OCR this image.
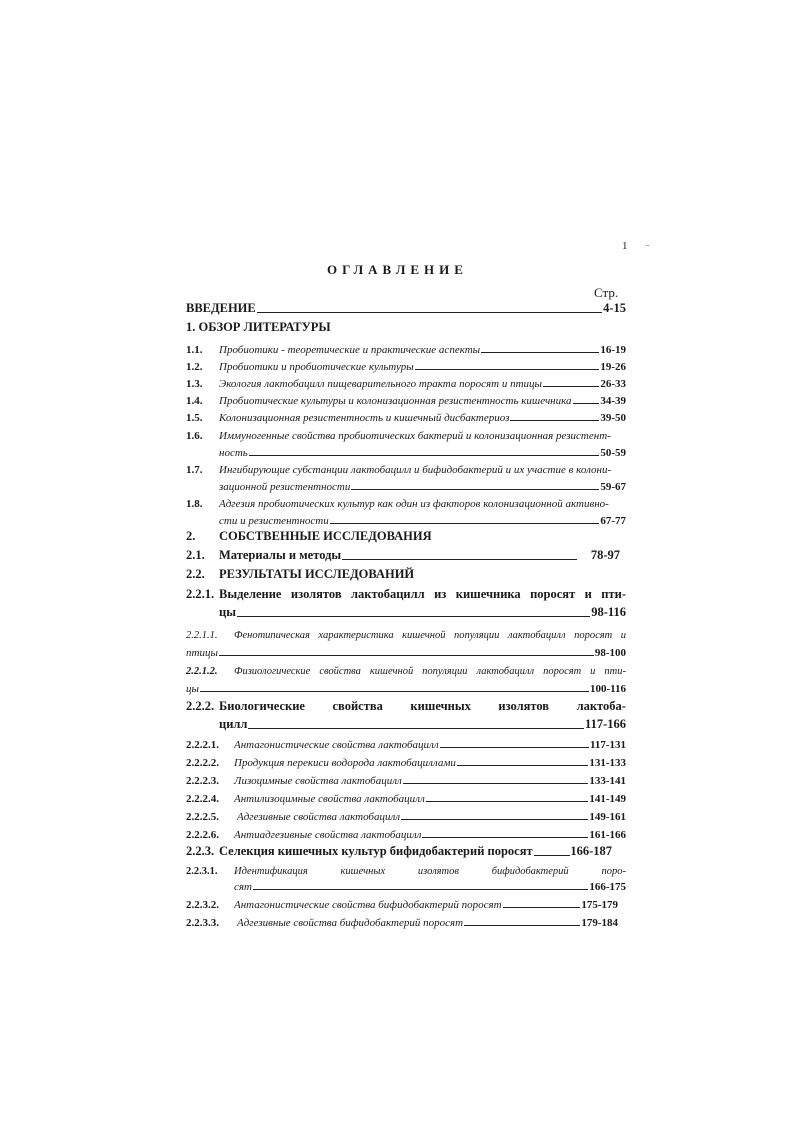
1 -
ОГЛАВЛЕНИЕ
Стр.
ВВЕДЕНИЕ	4-15
1. ОБЗОР ЛИТЕРАТУРЫ
1.1.	Пробиотики - теоретические и практические аспекты	16-19
1.2.	Пробиотики и пробиотические культуры	19-26
1.3.	Экология лактобацилл пищеварительного тракта поросят и птицы	26-33
1.4.	Пробиотические культуры и колонизационная резистентность кишечника	34-39
1.5.	Колонизационная резистентность и кишечный дисбактериоз	39-50
1.6.	Иммуногенные свойства пробиотических бактерий и колонизационная резистент-
ность	50-59
1.7.	Ингибирующие субстанции лактобацилл и бифидобактерий и их участие в колони-
зационной резистентности	59-67
1.8.	Адгезия пробиотических культур как один из факторов колонизационной активно-
сти и резистентности	67-77
2.	СОБСТВЕННЫЕ ИССЛЕДОВАНИЯ
2.1.	Материалы и методы	78-97
2.2.	РЕЗУЛЬТАТЫ ИССЛЕДОВАНИЙ
2.2.1. Выделение изолятов лактобацилл из кишечника поросят и пти-
цы	98-116
2.2.1.1.	Фенотипическая характеристика кишечной популяции лактобацилл поросят и
птицы	98-100
2.2.1.2.	Физиологические свойства кишечной популяции лактобацилл поросят и пти-
цы	100-116
2.2.2. Биологические свойства кишечных изолятов лактоба-
цилл	117-166
2.2.2.1.	Антагонистические свойства лактобацилл	117-131
2.2.2.2.	Продукция перекиси водорода лактобациллами	131-133
2.2.2.3.	Лизоцимные свойства лактобацилл	133-141
2.2.2.4.	Антилизоцимные свойства лактобацилл	141-149
2.2.2.5.	Адгезивные свойства лактобацилл	149-161
2.2.2.6.	Антиадгезивные свойства лактобацилл	161-166
2.2.3. Селекция кишечных культур бифидобактерий поросят	166-187
2.2.3.1.	Идентификация	кишечных	изолятов	бифидобактерий	поро-
сят	166-175
2.2.3.2.	Антагонистические свойства бифидобактерий поросят	175-179
2.2.3.3.	Адгезивные свойства бифидобактерий поросят	179-184
